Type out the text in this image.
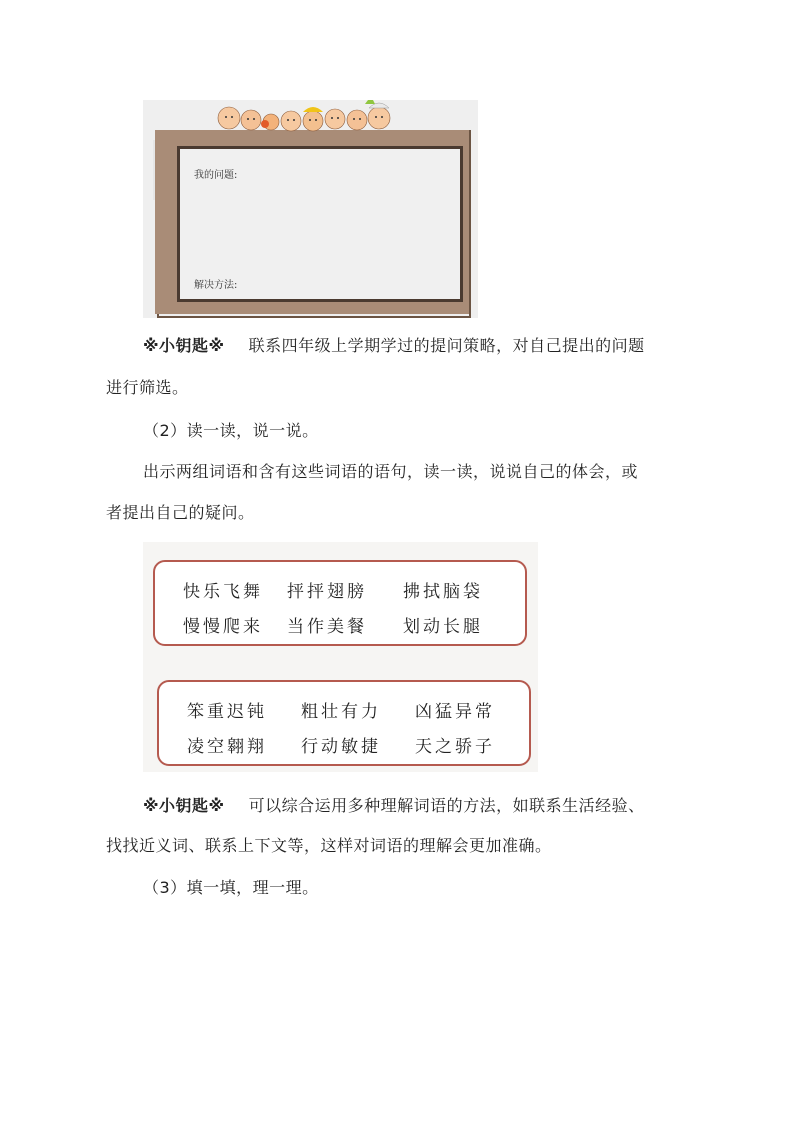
我的问题:
解决方法:
※小钥匙※ 联系四年级上学期学过的提问策略，对自己提出的问题
进行筛选。
（2）读一读，说一说。
出示两组词语和含有这些词语的语句，读一读，说说自己的体会，或
者提出自己的疑问。
快乐飞舞 抨抨翅膀 拂拭脑袋
慢慢爬来 当作美餐 划动长腿
笨重迟钝 粗壮有力 凶猛异常
凌空翱翔 行动敏捷 天之骄子
※小钥匙※ 可以综合运用多种理解词语的方法，如联系生活经验、
找找近义词、联系上下文等，这样对词语的理解会更加准确。
（3）填一填，理一理。
